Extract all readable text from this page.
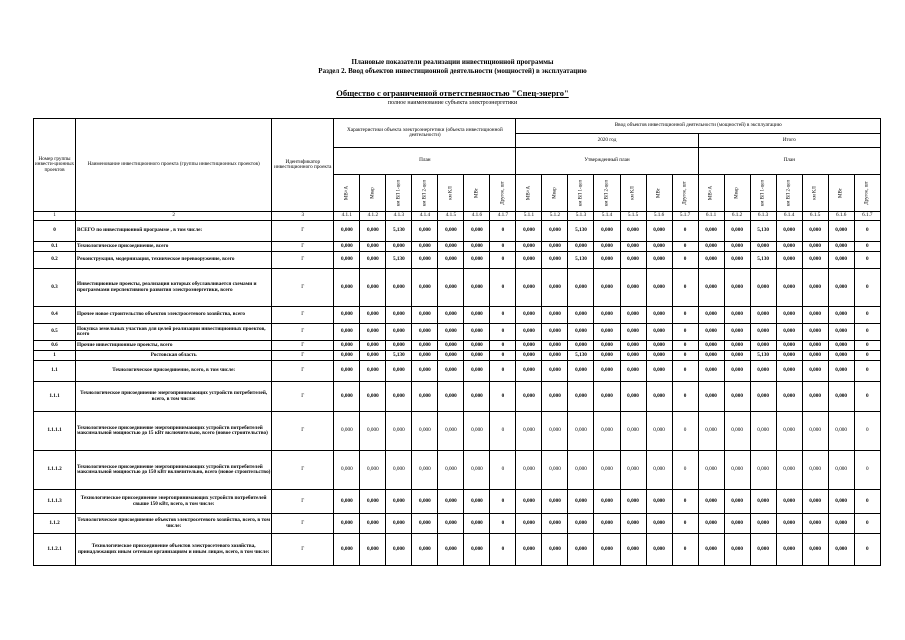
Плановые показатели реализации инвестиционной программы
Раздел 2. Ввод объектов инвестиционной деятельности (мощностей) в эксплуатацию
Общество с ограниченной ответственностью "Спец-энерго"
полное наименование субъекта электроэнергетики
Номер группы инвести-ционных проектов	Наименование инвестиционного проекта (группы инвестиционных проектов)	Идентификатор инвестиционного проекта	Характеристики объекта электроэнергетики (объекта инвестиционной деятельности)							Ввод объектов инвестиционной деятельности (мощностей) в эксплуатацию													
										2020 год							Итого						
			План							Утвержденный план							План						

			МВ×А	Мвар	км ВЛ 1-цеп	км ВЛ 2-цеп	км КЛ	МВт	Другое, шт	МВ×А	Мвар	км ВЛ 1-цеп	км ВЛ 2-цеп	км КЛ	МВт	Другое, шт	МВ×А	Мвар	км ВЛ 1-цеп	км ВЛ 2-цеп	км КЛ	МВт	Другое, шт

1	2	3	4.1.1	4.1.2	4.1.3	4.1.4	4.1.5	4.1.6	4.1.7	5.1.1	5.1.2	5.1.3	5.1.4	5.1.5	5.1.6	5.1.7	6.1.1	6.1.2	6.1.3	6.1.4	6.1.5	6.1.6	6.1.7
0	ВСЕГО по инвестиционной программе , в том числе:	Г	0,000	0,000	5,130	0,000	0,000	0,000	0	0,000	0,000	5,130	0,000	0,000	0,000	0	0,000	0,000	5,130	0,000	0,000	0,000	0
0.1	Технологическое присоединение, всего	Г	0,000	0,000	0,000	0,000	0,000	0,000	0	0,000	0,000	0,000	0,000	0,000	0,000	0	0,000	0,000	0,000	0,000	0,000	0,000	0
0.2	Реконструкция, модернизация, техническое перевооружение, всего	Г	0,000	0,000	5,130	0,000	0,000	0,000	0	0,000	0,000	5,130	0,000	0,000	0,000	0	0,000	0,000	5,130	0,000	0,000	0,000	0
0.3	Инвестиционные проекты, реализация которых обуславливается схемами и программами перспективного развития электроэнергетики, всего	Г	0,000	0,000	0,000	0,000	0,000	0,000	0	0,000	0,000	0,000	0,000	0,000	0,000	0	0,000	0,000	0,000	0,000	0,000	0,000	0
0.4	Прочее новое строительство объектов электросетевого хозяйства, всего	Г	0,000	0,000	0,000	0,000	0,000	0,000	0	0,000	0,000	0,000	0,000	0,000	0,000	0	0,000	0,000	0,000	0,000	0,000	0,000	0
0.5	Покупка земельных участков для целей реализации инвестиционных проектов, всего	Г	0,000	0,000	0,000	0,000	0,000	0,000	0	0,000	0,000	0,000	0,000	0,000	0,000	0	0,000	0,000	0,000	0,000	0,000	0,000	0
0.6	Прочие инвестиционные проекты, всего	Г	0,000	0,000	0,000	0,000	0,000	0,000	0	0,000	0,000	0,000	0,000	0,000	0,000	0	0,000	0,000	0,000	0,000	0,000	0,000	0
1	Ростовская область	Г	0,000	0,000	5,130	0,000	0,000	0,000	0	0,000	0,000	5,130	0,000	0,000	0,000	0	0,000	0,000	5,130	0,000	0,000	0,000	0
1.1	Технологическое присоединение, всего, в том числе:	Г	0,000	0,000	0,000	0,000	0,000	0,000	0	0,000	0,000	0,000	0,000	0,000	0,000	0	0,000	0,000	0,000	0,000	0,000	0,000	0
1.1.1	Технологическое присоединение энергопринимающих устройств потребителей, всего, в том числе:	Г	0,000	0,000	0,000	0,000	0,000	0,000	0	0,000	0,000	0,000	0,000	0,000	0,000	0	0,000	0,000	0,000	0,000	0,000	0,000	0
1.1.1.1	Технологическое присоединение энергопринимающих устройств потребителей максимальной мощностью до 15 кВт включительно, всего (новое строительство)	Г	0,000	0,000	0,000	0,000	0,000	0,000	0	0,000	0,000	0,000	0,000	0,000	0,000	0	0,000	0,000	0,000	0,000	0,000	0,000	0
1.1.1.2	Технологическое присоединение энергопринимающих устройств потребителей максимальной мощностью до 150 кВт включительно, всего (новое строительство)	Г	0,000	0,000	0,000	0,000	0,000	0,000	0	0,000	0,000	0,000	0,000	0,000	0,000	0	0,000	0,000	0,000	0,000	0,000	0,000	0
1.1.1.3	Технологическое присоединение энергопринимающих устройств потребителей свыше 150 кВт, всего, в том числе:	Г	0,000	0,000	0,000	0,000	0,000	0,000	0	0,000	0,000	0,000	0,000	0,000	0,000	0	0,000	0,000	0,000	0,000	0,000	0,000	0
1.1.2	Технологическое присоединение объектов электросетевого хозяйства, всего, в том числе:	Г	0,000	0,000	0,000	0,000	0,000	0,000	0	0,000	0,000	0,000	0,000	0,000	0,000	0	0,000	0,000	0,000	0,000	0,000	0,000	0
1.1.2.1	Технологическое присоединение объектов электросетевого хозяйства, принадлежащих иным сетевым организациям и иным лицам, всего, в том числе:	Г	0,000	0,000	0,000	0,000	0,000	0,000	0	0,000	0,000	0,000	0,000	0,000	0,000	0	0,000	0,000	0,000	0,000	0,000	0,000	0
